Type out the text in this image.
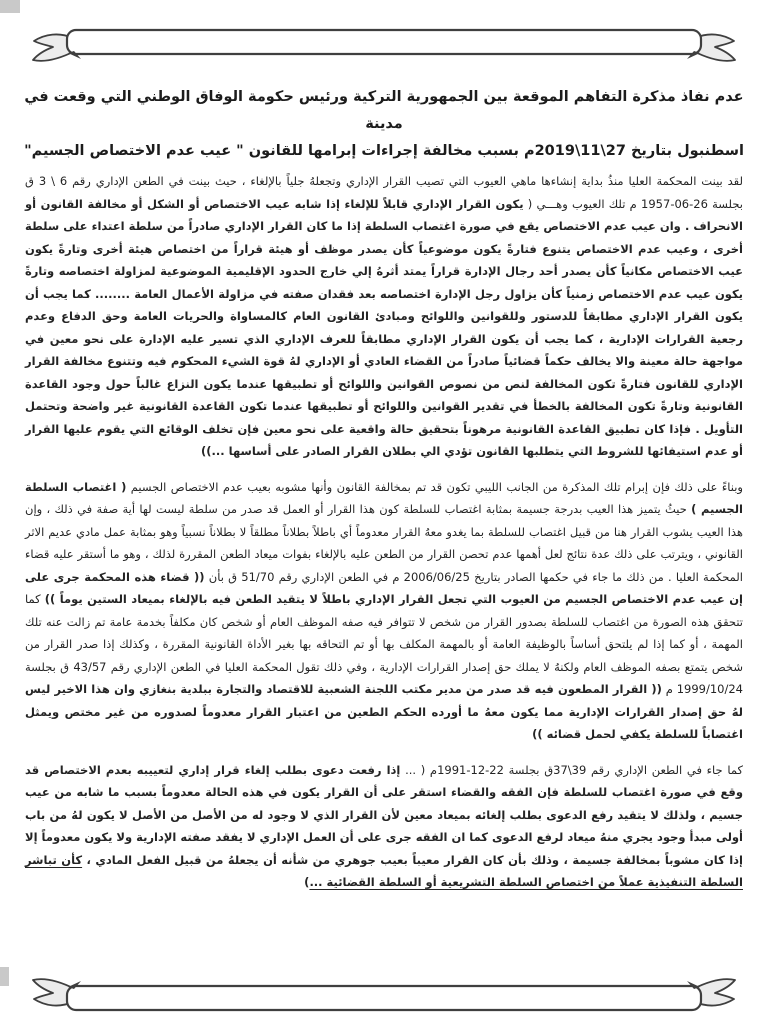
عدم نفاذ مذكرة التفاهم الموقعة بين الجمهورية التركية ورئيس حكومة الوفاق الوطني التي وقعت في مدينة
اسطنبول بتاريخ 27\11\2019م بسبب مخالفة إجراءات إبرامها للقانون " عيب عدم الاختصاص الجسيم"

لقد بينت المحكمة العليا منذُ بداية إنشاءها ماهي العيوب التي تصيب القرار الإداري وتجعلهُ جلياً بالإلغاء ، حيث بينت في الطعن الإداري رقم 6 \ 3 ق بجلسة 26-06-1957 م تلك العيوب وهـــي ( يكون القرار الإداري قابلاً للإلغاء إذا شابه عيب الاختصاص أو الشكل أو مخالفة القانون أو الانحراف . وان عيب عدم الاختصاص يقع في صورة اغتصاب السلطة إذا ما كان القرار الإداري صادراً من سلطة اعتداء على سلطة أخرى ، وعيب عدم الاختصاص يتنوع فتارةً يكون موضوعياً كأن يصدر موظف أو هيئة قراراً من اختصاص هيئة أخرى وتارةً يكون عيب الاختصاص مكانياً كأن يصدر أحد رجال الإدارة قراراً يمتد أثرهُ إلي خارج الحدود الإقليمية الموضوعية لمزاولة اختصاصه وتارةً يكون عيب عدم الاختصاص زمنياً كأن يزاول رجل الإدارة اختصاصه بعد فقدان صفته في مزاولة الأعمال العامة ........ كما يجب أن يكون القرار الإداري مطابقاً للدستور وللقوانين واللوائح ومبادئ القانون العام كالمساواة والحريات العامة وحق الدفاع وعدم رجعية القرارات الإدارية ، كما يجب أن يكون القرار الإداري مطابقاً للعرف الإداري الذي تسير عليه الإدارة على نحو معين في مواجهة حالة معينة والا يخالف حكماً قضائياً صادراً من القضاء العادي أو الإداري لهُ قوة الشيء المحكوم فيه وتتنوع مخالفة القرار الإداري للقانون فتارةً تكون المخالفة لنص من نصوص القوانين واللوائح أو تطبيقها عندما يكون النزاع غالباً حول وجود القاعدة القانونية وتارةً تكون المخالفة بالخطأ في تقدير القوانين واللوائح أو تطبيقها عندما تكون القاعدة القانونية غير واضحة وتحتمل التأويل . فإذا كان تطبيق القاعدة القانونية مرهوناً بتحقيق حالة واقعية على نحو معين فإن تخلف الوقائع التي يقوم عليها القرار أو عدم استيفائها للشروط التي يتطلبها القانون تؤدي الي بطلان القرار الصادر على أساسها ...))

وبناءً على ذلك فإن إبرام تلك المذكرة من الجانب الليبي تكون قد تم بمخالفة القانون وأنها مشوبه بعيب عدم الاختصاص الجسيم ( اغتصاب السلطة الجسيم ) حيثُ يتميز هذا العيب بدرجة جسيمة بمثابة اغتصاب للسلطة كون هذا القرار أو العمل قد صدر من سلطة ليست لها أية صفة في ذلك ، وإن هذا العيب يشوب القرار هنا من قبيل اغتصاب للسلطة بما يغدو معهُ القرار معدوماً أي باطلاً بطلاناً مطلقاً لا بطلاناً نسبياً وهو بمثابة عمل مادي عديم الاثر القانوني ، ويترتب على ذلك عدة نتائج لعل أهمها عدم تحصن القرار من الطعن عليه بالإلغاء بفوات ميعاد الطعن المقررة لذلك ، وهو ما أستقر عليه قضاء المحكمة العليا . من ذلك ما جاء في حكمها الصادر بتاريخ 2006/06/25 م في الطعن الإداري رقم 51/70 ق بأن (( قضاء هذه المحكمة جرى على إن عيب عدم الاختصاص الجسيم من العيوب التي تجعل القرار الإداري باطلاً لا يتقيد الطعن فيه بالإلغاء بميعاد الستين يوماً )) كما تتحقق هذه الصورة من اغتصاب للسلطة بصدور القرار من شخص لا تتوافر فيه صفه الموظف العام أو شخص كان مكلفاً بخدمة عامة تم زالت عنه تلك المهمة ، أو كما إذا لم يلتحق أساساً بالوظيفة العامة أو بالمهمة المكلف بها أو تم التحاقه بها بغير الأداة القانونية المقررة ، وكذلك إذا صدر القرار من شخص يتمتع بصفه الموظف العام ولكنهُ لا يملك حق إصدار القرارات الإدارية ، وفي ذلك تقول المحكمة العليا في الطعن الإداري رقم 43/57 ق بجلسة 1999/10/24 م (( القرار المطعون فيه قد صدر من مدير مكتب اللجنة الشعبية للاقتصاد والتجارة ببلدية بنغازي وان هذا الاخير ليس لهُ حق إصدار القرارات الإدارية مما يكون معهُ ما أورده الحكم الطعين من اعتبار القرار معدوماً لصدوره من غير مختص ويمثل اغتصاباً للسلطة يكفي لحمل قضائه ))

كما جاء في الطعن الإداري رقم 39\37ق بجلسة 22-12-1991م ( ... إذا رفعت دعوى بطلب إلغاء قرار إداري لتعييبه بعدم الاختصاص قد وقع في صورة اغتصاب للسلطة فإن الفقه والقضاء استقر على أن القرار يكون في هذه الحالة معدوماً بسبب ما شابه من عيب جسيم ، ولذلك لا يتقيد رفع الدعوى بطلب إلغائه بميعاد معين لأن القرار الذي لا وجود له من الأصل من الأصل لا يكون لهُ من باب أولى مبدأ وجود يجري منهُ ميعاد لرفع الدعوى كما ان الفقه جرى على أن العمل الإداري لا يفقد صفته الإدارية ولا يكون معدوماً إلا إذا كان مشوباً بمخالفة جسيمة ، وذلك بأن كان القرار معيباً بعيب جوهري من شأنه أن يجعلهُ من قبيل الفعل المادي ، كأن تباشر السلطة التنفيذية عملاً من اختصاص السلطة التشريعية أو السلطة القضائية ...)
